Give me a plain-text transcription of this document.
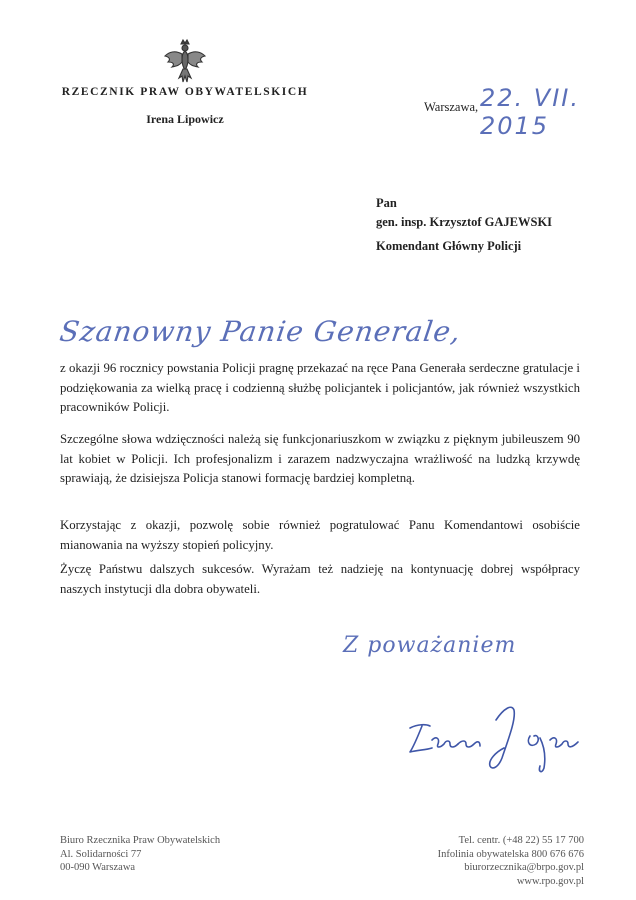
RZECZNIK PRAW OBYWATELSKICH
Irena Lipowicz
Warszawa, 22. VII. 2015
Pan
gen. insp. Krzysztof GAJEWSKI
Komendant Główny Policji
Szanowny Panie Generale,

z okazji 96 rocznicy powstania Policji pragnę przekazać na ręce Pana Generała serdeczne gratulacje i podziękowania za wielką pracę i codzienną służbę policjantek i policjantów, jak również wszystkich pracowników Policji.

Szczególne słowa wdzięczności należą się funkcjonariuszkom w związku z pięknym jubileuszem 90 lat kobiet w Policji. Ich profesjonalizm i zarazem nadzwyczajna wrażliwość na ludzką krzywdę sprawiają, że dzisiejsza Policja stanowi formację bardziej kompletną.

Korzystając z okazji, pozwolę sobie również pogratulować Panu Komendantowi osobiście mianowania na wyższy stopień policyjny.

Życzę Państwu dalszych sukcesów. Wyrażam też nadzieję na kontynuację dobrej współpracy naszych instytucji dla dobra obywateli.

Z poważaniem
Biuro Rzecznika Praw Obywatelskich
Al. Solidarności 77
00-090 Warszawa
Tel. centr. (+48 22) 55 17 700
Infolinia obywatelska 800 676 676
biurorzecznika@brpo.gov.pl
www.rpo.gov.pl
